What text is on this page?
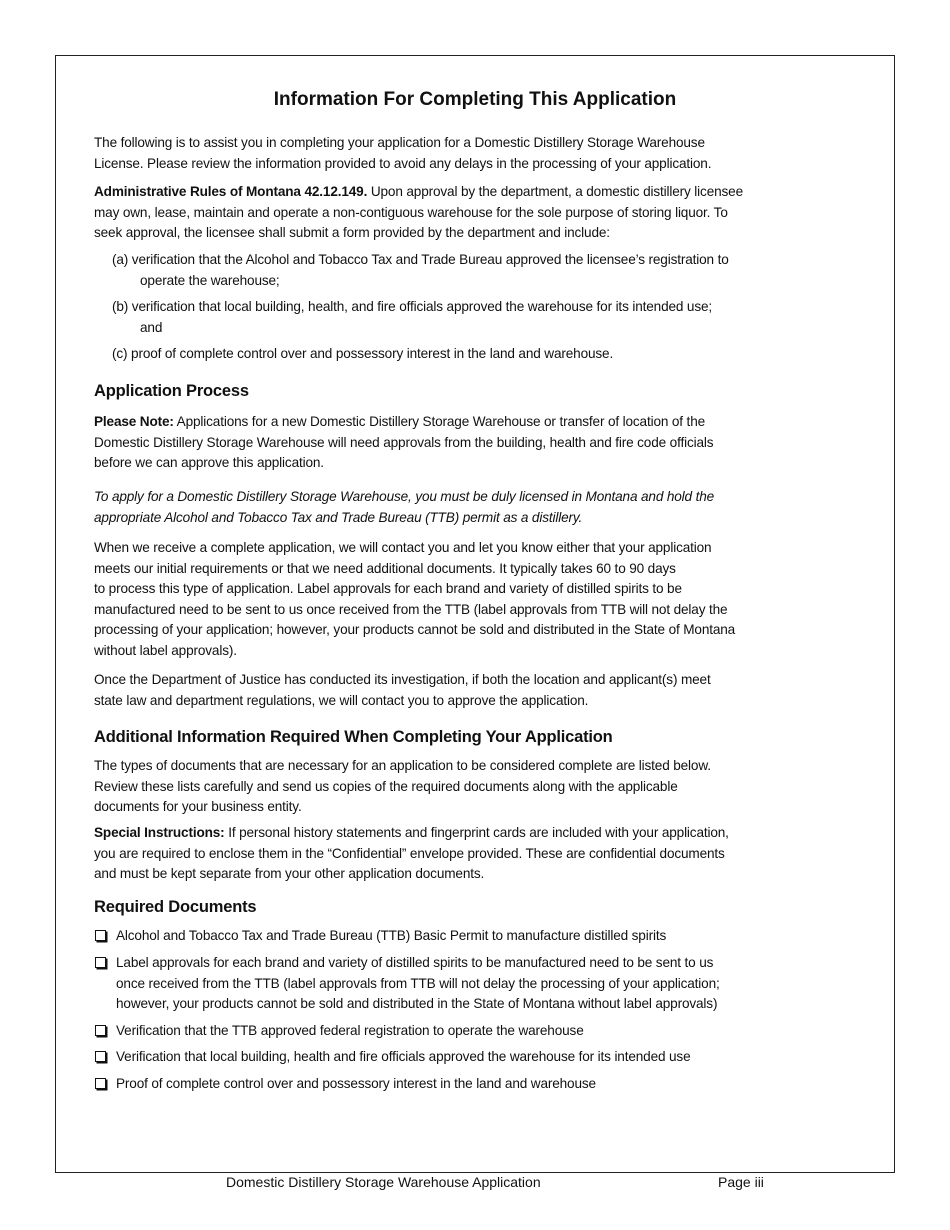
Information For Completing This Application
The following is to assist you in completing your application for a Domestic Distillery Storage Warehouse
License. Please review the information provided to avoid any delays in the processing of your application.
Administrative Rules of Montana 42.12.149. Upon approval by the department, a domestic distillery licensee
may own, lease, maintain and operate a non-contiguous warehouse for the sole purpose of storing liquor. To
seek approval, the licensee shall submit a form provided by the department and include:
(a) verification that the Alcohol and Tobacco Tax and Trade Bureau approved the licensee’s registration to
operate the warehouse;
(b) verification that local building, health, and fire officials approved the warehouse for its intended use;
and
(c) proof of complete control over and possessory interest in the land and warehouse.
Application Process
Please Note: Applications for a new Domestic Distillery Storage Warehouse or transfer of location of the
Domestic Distillery Storage Warehouse will need approvals from the building, health and fire code officials
before we can approve this application.
To apply for a Domestic Distillery Storage Warehouse, you must be duly licensed in Montana and hold the
appropriate Alcohol and Tobacco Tax and Trade Bureau (TTB) permit as a distillery.
When we receive a complete application, we will contact you and let you know either that your application
meets our initial requirements or that we need additional documents. It typically takes 60 to 90 days
to process this type of application. Label approvals for each brand and variety of distilled spirits to be
manufactured need to be sent to us once received from the TTB (label approvals from TTB will not delay the
processing of your application; however, your products cannot be sold and distributed in the State of Montana
without label approvals).
Once the Department of Justice has conducted its investigation, if both the location and applicant(s) meet
state law and department regulations, we will contact you to approve the application.
Additional Information Required When Completing Your Application
The types of documents that are necessary for an application to be considered complete are listed below.
Review these lists carefully and send us copies of the required documents along with the applicable
documents for your business entity.
Special Instructions: If personal history statements and fingerprint cards are included with your application,
you are required to enclose them in the “Confidential” envelope provided. These are confidential documents
and must be kept separate from your other application documents.
Required Documents
Alcohol and Tobacco Tax and Trade Bureau (TTB) Basic Permit to manufacture distilled spirits
Label approvals for each brand and variety of distilled spirits to be manufactured need to be sent to us
once received from the TTB (label approvals from TTB will not delay the processing of your application;
however, your products cannot be sold and distributed in the State of Montana without label approvals)
Verification that the TTB approved federal registration to operate the warehouse
Verification that local building, health and fire officials approved the warehouse for its intended use
Proof of complete control over and possessory interest in the land and warehouse
Domestic Distillery Storage Warehouse Application	Page iii
